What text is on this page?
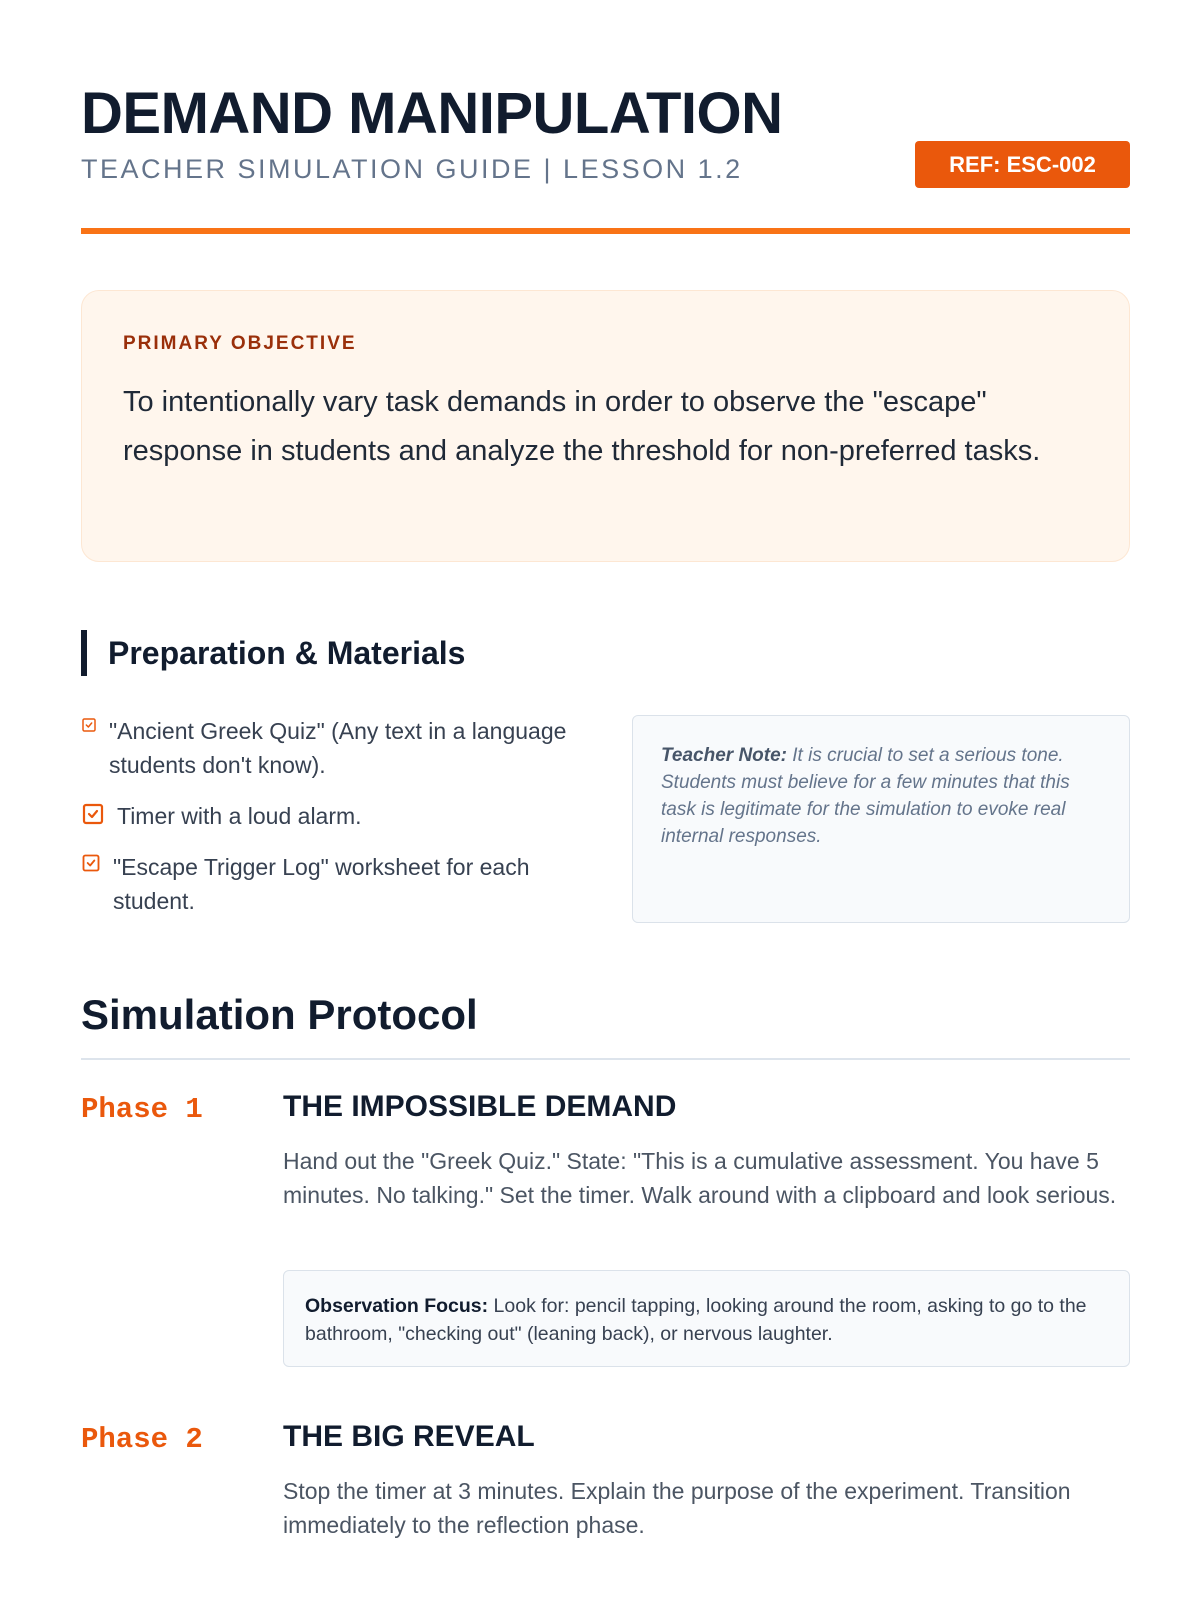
DEMAND MANIPULATION
TEACHER SIMULATION GUIDE | LESSON 1.2	REF: ESC-002
PRIMARY OBJECTIVE
To intentionally vary task demands in order to observe the "escape" response in students and analyze the threshold for non-preferred tasks.
Preparation & Materials
"Ancient Greek Quiz" (Any text in a language students don't know).
Timer with a loud alarm.
"Escape Trigger Log" worksheet for each student.
Teacher Note: It is crucial to set a serious tone. Students must believe for a few minutes that this task is legitimate for the simulation to evoke real internal responses.
Simulation Protocol
Phase 1	THE IMPOSSIBLE DEMAND
Hand out the "Greek Quiz." State: "This is a cumulative assessment. You have 5 minutes. No talking." Set the timer. Walk around with a clipboard and look serious.
Observation Focus: Look for: pencil tapping, looking around the room, asking to go to the bathroom, "checking out" (leaning back), or nervous laughter.
Phase 2	THE BIG REVEAL
Stop the timer at 3 minutes. Explain the purpose of the experiment. Transition immediately to the reflection phase.
